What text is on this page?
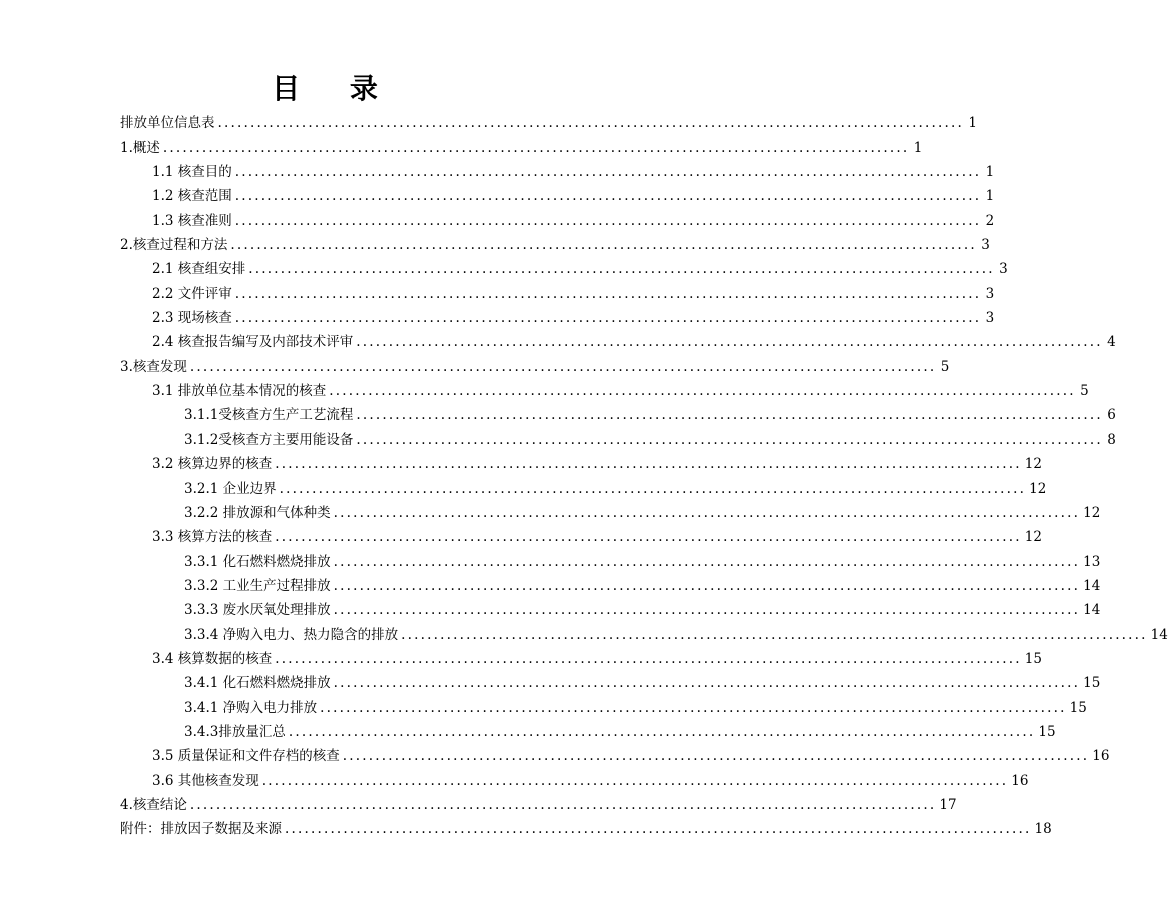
目 录
排放单位信息表 ................................................................................................................... 1
1.概述 ................................................................................................................... 1
1.1 核查目的 ................................................................................................................... 1
1.2 核查范围 ................................................................................................................... 1
1.3 核查准则 ................................................................................................................... 2
2.核查过程和方法 ................................................................................................................... 3
2.1 核查组安排 ................................................................................................................... 3
2.2 文件评审 ................................................................................................................... 3
2.3 现场核查 ................................................................................................................... 3
2.4 核查报告编写及内部技术评审 ................................................................................................................... 4
3.核查发现 ................................................................................................................... 5
3.1 排放单位基本情况的核查 ................................................................................................................... 5
3.1.1受核查方生产工艺流程 ................................................................................................................... 6
3.1.2受核查方主要用能设备 ................................................................................................................... 8
3.2 核算边界的核查 ................................................................................................................... 12
3.2.1 企业边界 ................................................................................................................... 12
3.2.2 排放源和气体种类 ................................................................................................................... 12
3.3 核算方法的核查 ................................................................................................................... 12
3.3.1 化石燃料燃烧排放 ................................................................................................................... 13
3.3.2 工业生产过程排放 ................................................................................................................... 14
3.3.3 废水厌氧处理排放 ................................................................................................................... 14
3.3.4 净购入电力、热力隐含的排放 ................................................................................................................... 14
3.4 核算数据的核查 ................................................................................................................... 15
3.4.1 化石燃料燃烧排放 ................................................................................................................... 15
3.4.1 净购入电力排放 ................................................................................................................... 15
3.4.3排放量汇总 ................................................................................................................... 15
3.5 质量保证和文件存档的核查 ................................................................................................................... 16
3.6 其他核查发现 ................................................................................................................... 16
4.核查结论 ................................................................................................................... 17
附件：排放因子数据及来源 ................................................................................................................... 18
